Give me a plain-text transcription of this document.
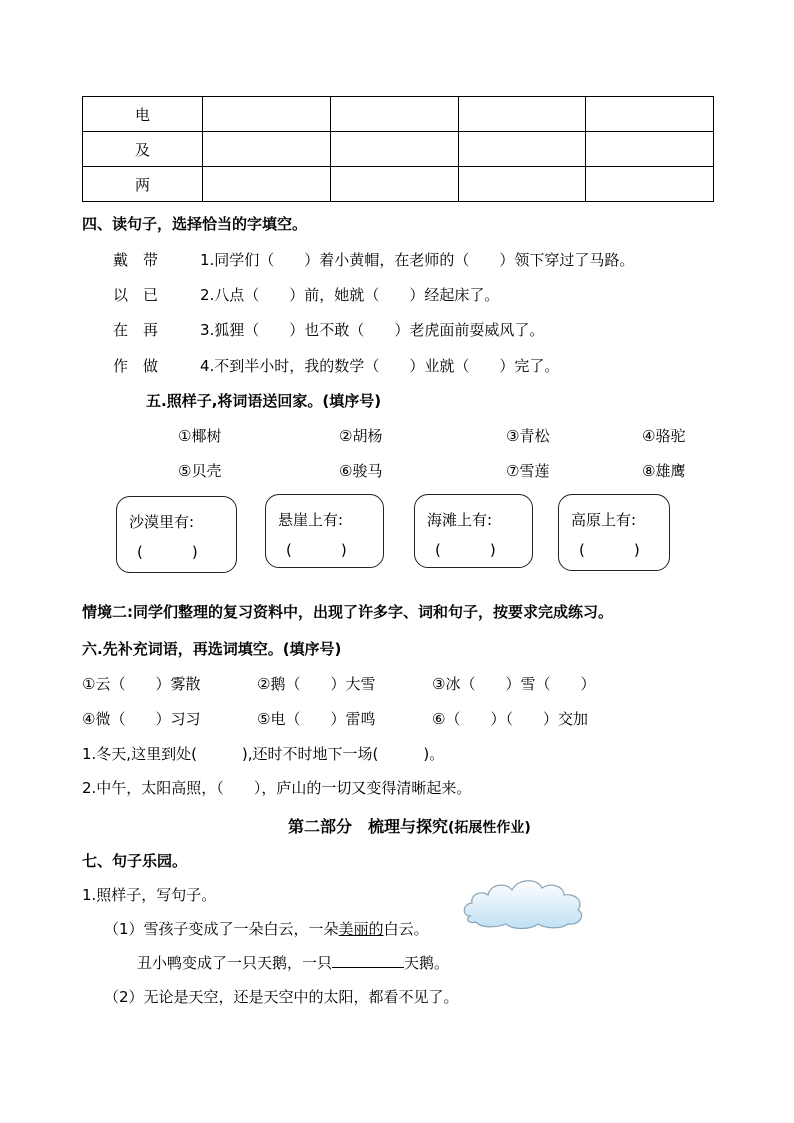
电				
及				
两				
四、读句子，选择恰当的字填空。
戴　带	1.同学们（　　）着小黄帽，在老师的（　　）领下穿过了马路。
以　已	2.八点（　　）前，她就（　　）经起床了。
在　再	3.狐狸（　　）也不敢（　　）老虎面前耍威风了。
作　做	4.不到半小时，我的数学（　　）业就（　　）完了。
五.照样子,将词语送回家。(填序号)
①椰树	②胡杨	③青松	④骆驼
⑤贝壳	⑥骏马	⑦雪莲	⑧雄鹰
沙漠里有:
(　　　)
悬崖上有:
(　　　)
海滩上有:
(　　　)
高原上有:
(　　　)
情境二:同学们整理的复习资料中，出现了许多字、词和句子，按要求完成练习。
六.先补充词语，再选词填空。(填序号)
①云（　　）雾散	②鹅（　　）大雪	③冰（　　）雪（　　）
④微（　　）习习	⑤电（　　）雷鸣	⑥（　　）（　　）交加
1.冬天,这里到处(　　　),还时不时地下一场(　　　)。
2.中午，太阳高照，（　　），庐山的一切又变得清晰起来。
第二部分　梳理与探究(拓展性作业)
七、句子乐园。
1.照样子，写句子。
（1）雪孩子变成了一朵白云，一朵美丽的白云。
丑小鸭变成了一只天鹅，一只	天鹅。
（2）无论是天空，还是天空中的太阳，都看不见了。
